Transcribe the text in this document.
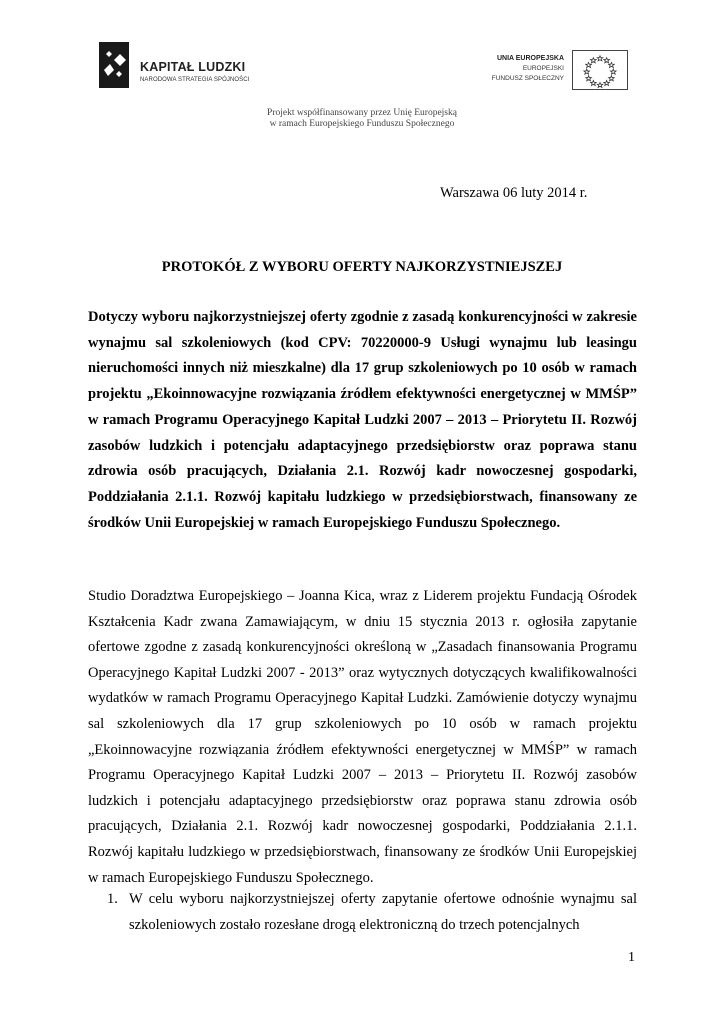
KAPITAŁ LUDZKI
NARODOWA STRATEGIA SPÓJNOŚCI
UNIA EUROPEJSKA
EUROPEJSKI
FUNDUSZ SPOŁECZNY
Projekt współfinansowany przez Unię Europejską
w ramach Europejskiego Funduszu Społecznego
Warszawa 06 luty 2014 r.
PROTOKÓŁ Z WYBORU OFERTY NAJKORZYSTNIEJSZEJ
Dotyczy wyboru najkorzystniejszej oferty zgodnie z zasadą konkurencyjności w zakresie wynajmu sal szkoleniowych (kod CPV: 70220000-9 Usługi wynajmu lub leasingu nieruchomości innych niż mieszkalne) dla 17 grup szkoleniowych po 10 osób w ramach projektu „Ekoinnowacyjne rozwiązania źródłem efektywności energetycznej w MMŚP” w ramach Programu Operacyjnego Kapitał Ludzki 2007 – 2013 – Priorytetu II. Rozwój zasobów ludzkich i potencjału adaptacyjnego przedsiębiorstw oraz poprawa stanu zdrowia osób pracujących, Działania 2.1. Rozwój kadr nowoczesnej gospodarki, Poddziałania 2.1.1. Rozwój kapitału ludzkiego w przedsiębiorstwach, finansowany ze środków Unii Europejskiej w ramach Europejskiego Funduszu Społecznego.
Studio Doradztwa Europejskiego – Joanna Kica, wraz z Liderem projektu Fundacją Ośrodek Kształcenia Kadr zwana Zamawiającym, w dniu 15 stycznia 2013 r. ogłosiła zapytanie ofertowe zgodne z zasadą konkurencyjności określoną w „Zasadach finansowania Programu Operacyjnego Kapitał Ludzki 2007 - 2013” oraz wytycznych dotyczących kwalifikowalności wydatków w ramach Programu Operacyjnego Kapitał Ludzki. Zamówienie dotyczy wynajmu sal szkoleniowych dla 17 grup szkoleniowych po 10 osób w ramach projektu „Ekoinnowacyjne rozwiązania źródłem efektywności energetycznej w MMŚP” w ramach Programu Operacyjnego Kapitał Ludzki 2007 – 2013 – Priorytetu II. Rozwój zasobów ludzkich i potencjału adaptacyjnego przedsiębiorstw oraz poprawa stanu zdrowia osób pracujących, Działania 2.1. Rozwój kadr nowoczesnej gospodarki, Poddziałania 2.1.1. Rozwój kapitału ludzkiego w przedsiębiorstwach, finansowany ze środków Unii Europejskiej w ramach Europejskiego Funduszu Społecznego.
1. W celu wyboru najkorzystniejszej oferty zapytanie ofertowe odnośnie wynajmu sal szkoleniowych zostało rozesłane drogą elektroniczną do trzech potencjalnych
1
